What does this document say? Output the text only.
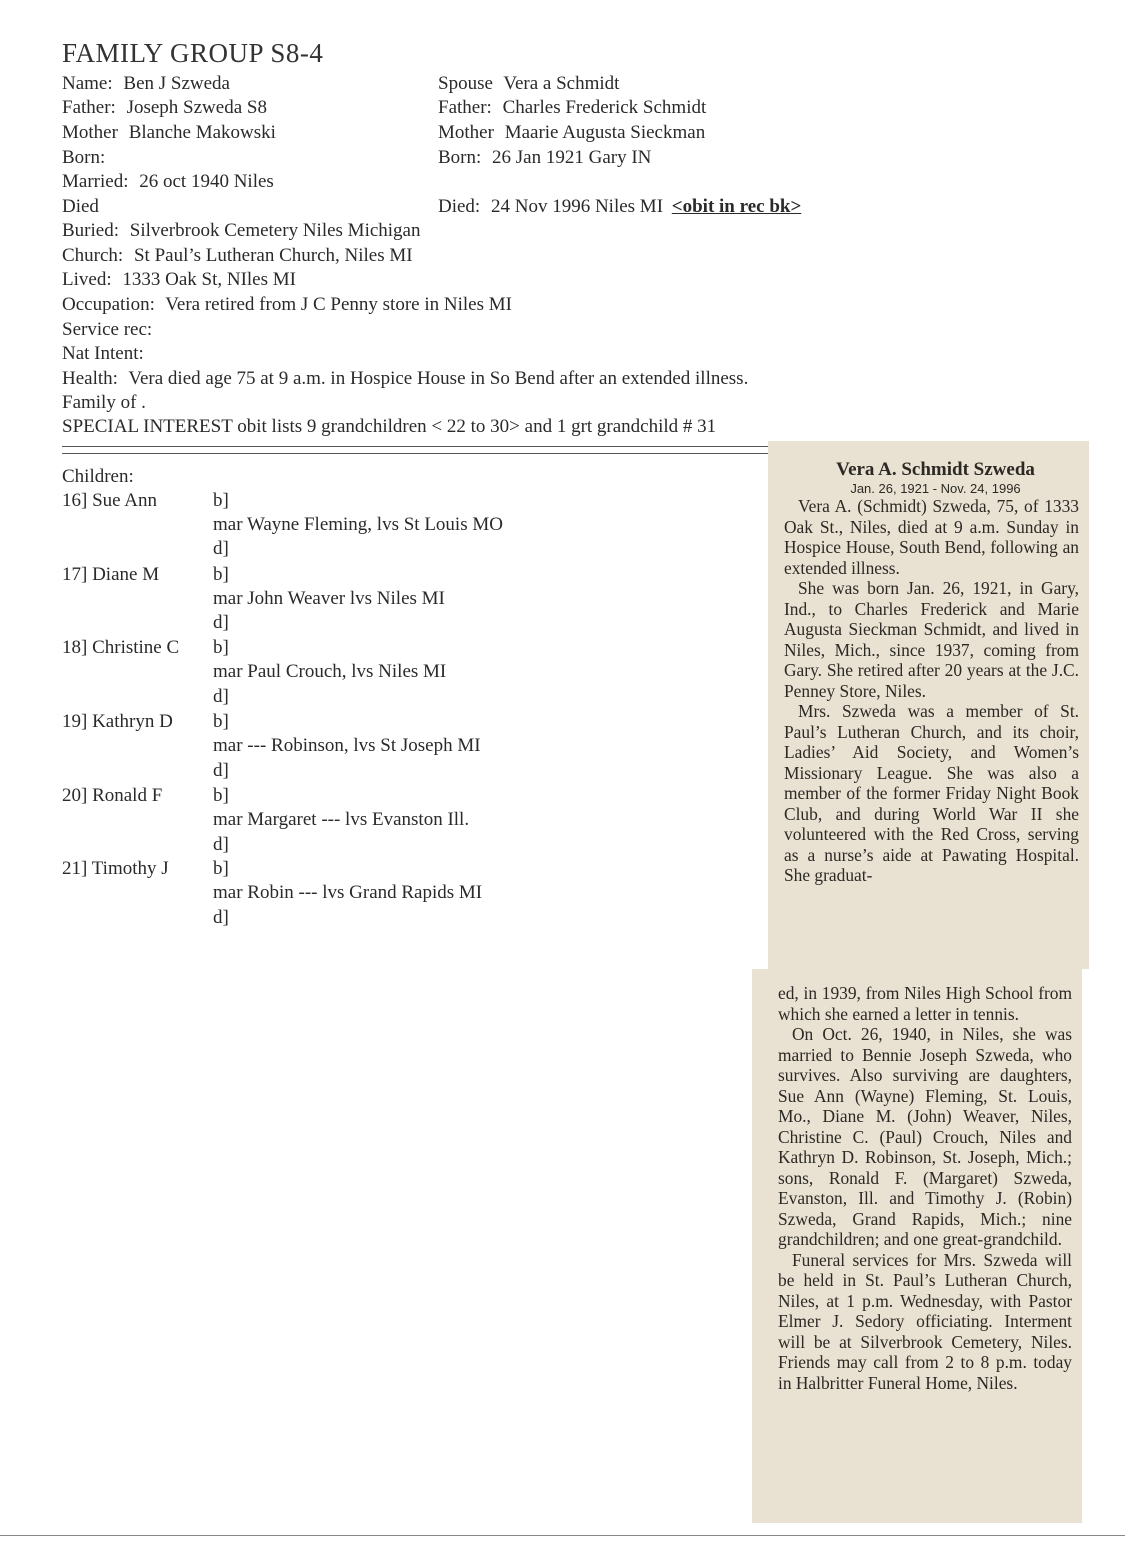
FAMILY GROUP S8-4
Name: Ben J Szweda
Father: Joseph Szweda S8
Mother Blanche Makowski
Born:
Married: 26 oct 1940 Niles
Died
Spouse Vera a Schmidt
Father: Charles Frederick Schmidt
Mother Maarie Augusta Sieckman
Born: 26 Jan 1921 Gary IN
Died: 24 Nov 1996 Niles MI <obit in rec bk>
Buried: Silverbrook Cemetery Niles Michigan
Church: St Paul’s Lutheran Church, Niles MI
Lived: 1333 Oak St, NIles MI
Occupation: Vera retired from J C Penny store in Niles MI
Service rec:
Nat Intent:
Health: Vera died age 75 at 9 a.m. in Hospice House in So Bend after an extended illness.
Family of .
SPECIAL INTEREST obit lists 9 grandchildren < 22 to 30> and 1 grt grandchild # 31
Children:
16] Sue Ann	b]
mar Wayne Fleming, lvs St Louis MO
d]
17] Diane M	b]
mar John Weaver lvs Niles MI
d]
18] Christine C b]
mar Paul Crouch, lvs Niles MI
d]
19] Kathryn D b]
mar --- Robinson, lvs St Joseph MI
d]
20] Ronald F	b]
mar Margaret --- lvs Evanston Ill.
d]
21] Timothy J b]
mar Robin --- lvs Grand Rapids MI
d]
Vera A. Schmidt Szweda
Jan. 26, 1921 - Nov. 24, 1996

Vera A. (Schmidt) Szweda, 75, of 1333 Oak St., Niles, died at 9 a.m. Sunday in Hospice House, South Bend, following an extended illness.

She was born Jan. 26, 1921, in Gary, Ind., to Charles Frederick and Marie Augusta Sieckman Schmidt, and lived in Niles, Mich., since 1937, coming from Gary. She retired after 20 years at the J.C. Penney Store, Niles.

Mrs. Szweda was a member of St. Paul’s Lutheran Church, and its choir, Ladies’ Aid Society, and Women’s Missionary League. She was also a member of the former Friday Night Book Club, and during World War II she volunteered with the Red Cross, serving as a nurse’s aide at Pawating Hospital. She graduat-

ed, in 1939, from Niles High School from which she earned a letter in tennis.

On Oct. 26, 1940, in Niles, she was married to Bennie Joseph Szweda, who survives. Also surviving are daughters, Sue Ann (Wayne) Fleming, St. Louis, Mo., Diane M. (John) Weaver, Niles, Christine C. (Paul) Crouch, Niles and Kathryn D. Robinson, St. Joseph, Mich.; sons, Ronald F. (Margaret) Szweda, Evanston, Ill. and Timothy J. (Robin) Szweda, Grand Rapids, Mich.; nine grandchildren; and one great-grandchild.

Funeral services for Mrs. Szweda will be held in St. Paul’s Lutheran Church, Niles, at 1 p.m. Wednesday, with Pastor Elmer J. Sedory officiating. Interment will be at Silverbrook Cemetery, Niles. Friends may call from 2 to 8 p.m. today in Halbritter Funeral Home, Niles.
